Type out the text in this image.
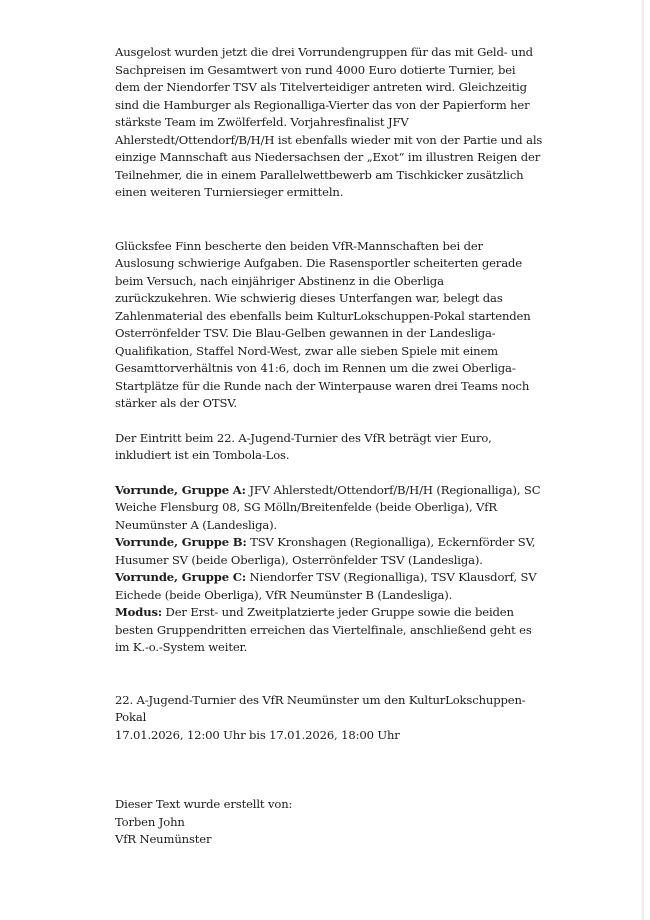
Ausgelost wurden jetzt die drei Vorrundengruppen für das mit Geld- und Sachpreisen im Gesamtwert von rund 4000 Euro dotierte Turnier, bei dem der Niendorfer TSV als Titelverteidiger antreten wird. Gleichzeitig sind die Hamburger als Regionalliga-Vierter das von der Papierform her stärkste Team im Zwölferfeld. Vorjahresfinalist JFV Ahlerstedt/Ottendorf/B/H/H ist ebenfalls wieder mit von der Partie und als einzige Mannschaft aus Niedersachsen der „Exot“ im illustren Reigen der Teilnehmer, die in einem Parallelwettbewerb am Tischkicker zusätzlich einen weiteren Turniersieger ermitteln.

Glücksfee Finn bescherte den beiden VfR-Mannschaften bei der Auslosung schwierige Aufgaben. Die Rasensportler scheiterten gerade beim Versuch, nach einjähriger Abstinenz in die Oberliga zurückzukehren. Wie schwierig dieses Unterfangen war, belegt das Zahlenmaterial des ebenfalls beim KulturLokschuppen-Pokal startenden Osterrönfelder TSV. Die Blau-Gelben gewannen in der Landesliga-Qualifikation, Staffel Nord-West, zwar alle sieben Spiele mit einem Gesamttorverhältnis von 41:6, doch im Rennen um die zwei Oberliga-Startplätze für die Runde nach der Winterpause waren drei Teams noch stärker als der OTSV.

Der Eintritt beim 22. A-Jugend-Turnier des VfR beträgt vier Euro, inkludiert ist ein Tombola-Los.

Vorrunde, Gruppe A: JFV Ahlerstedt/Ottendorf/B/H/H (Regionalliga), SC Weiche Flensburg 08, SG Mölln/Breitenfelde (beide Oberliga), VfR Neumünster A (Landesliga).
Vorrunde, Gruppe B: TSV Kronshagen (Regionalliga), Eckernförder SV, Husumer SV (beide Oberliga), Osterrönfelder TSV (Landesliga).
Vorrunde, Gruppe C: Niendorfer TSV (Regionalliga), TSV Klausdorf, SV Eichede (beide Oberliga), VfR Neumünster B (Landesliga).
Modus: Der Erst- und Zweitplatzierte jeder Gruppe sowie die beiden besten Gruppendritten erreichen das Viertelfinale, anschließend geht es im K.-o.-System weiter.

22. A-Jugend-Turnier des VfR Neumünster um den KulturLokschuppen-Pokal
17.01.2026, 12:00 Uhr bis 17.01.2026, 18:00 Uhr

Dieser Text wurde erstellt von:
Torben John
VfR Neumünster
